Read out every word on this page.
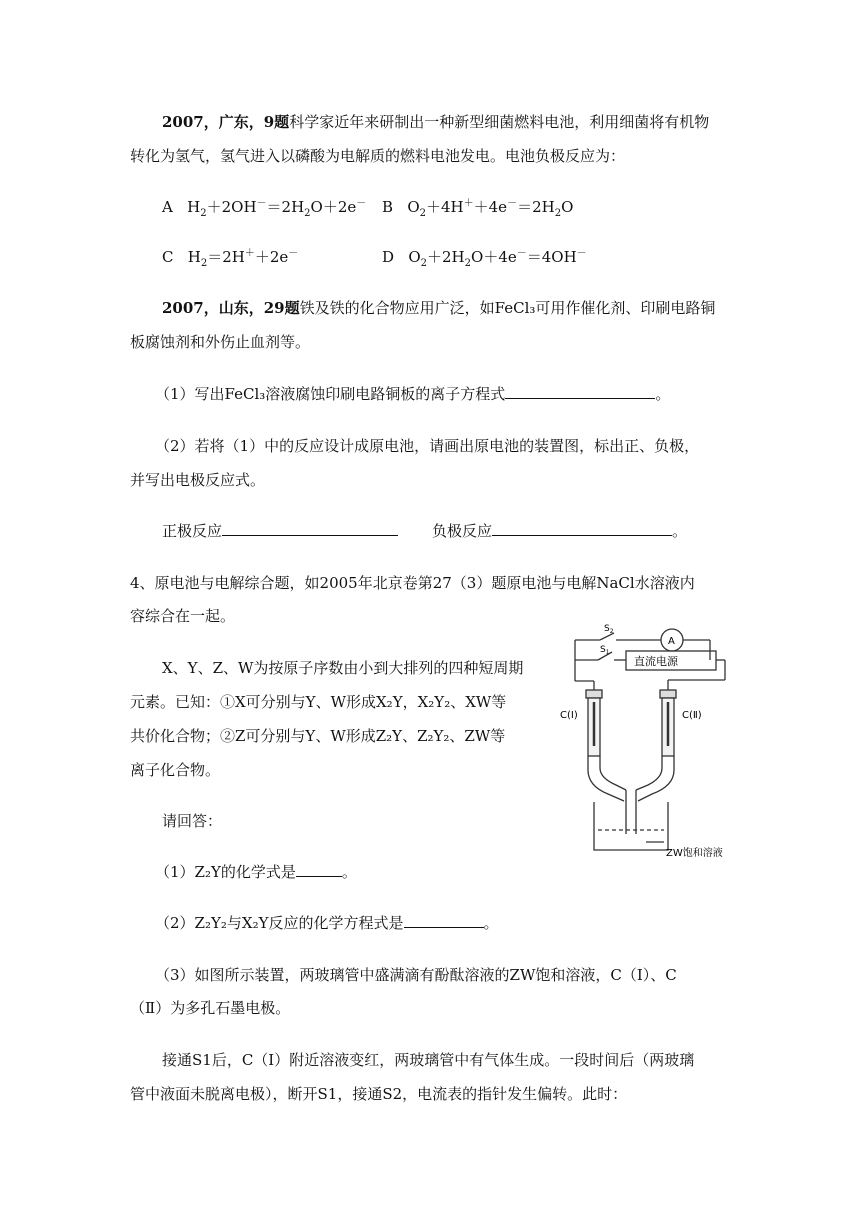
2007，广东，9题科学家近年来研制出一种新型细菌燃料电池，利用细菌将有机物
转化为氢气，氢气进入以磷酸为电解质的燃料电池发电。电池负极反应为：
A   $H_2+2OH^-=2H_2O+2e^-$ B   $O_2+4H^++4e^-=2H_2O$
C   $H_2=2H^++2e^-$	D   $O_2+2H_2O+4e^-=4OH^-$
2007，山东，29题铁及铁的化合物应用广泛，如FeCl₃可用作催化剂、印刷电路铜
板腐蚀剂和外伤止血剂等。
（1）写出FeCl₃溶液腐蚀印刷电路铜板的离子方程式	。
（2）若将（1）中的反应设计成原电池，请画出原电池的装置图，标出正、负极，
并写出电极反应式。
正极反应	负极反应	。
4、原电池与电解综合题，如2005年北京卷第27（3）题原电池与电解NaCl水溶液内
容综合在一起。
X、Y、Z、W为按原子序数由小到大排列的四种短周期
元素。已知：①X可分别与Y、W形成X₂Y，X₂Y₂、XW等
共价化合物；②Z可分别与Y、W形成Z₂Y、Z₂Y₂、ZW等
离子化合物。
请回答：
（1）Z₂Y的化学式是	。
（2）Z₂Y₂与X₂Y反应的化学方程式是	。
（3）如图所示装置，两玻璃管中盛满滴有酚酞溶液的ZW饱和溶液，C（Ⅰ）、C
（Ⅱ）为多孔石墨电极。
接通S1后，C（Ⅰ）附近溶液变红，两玻璃管中有气体生成。一段时间后（两玻璃
管中液面未脱离电极），断开S1，接通S2，电流表的指针发生偏转。此时：
$S_2$
$S_1$
A
直流电源
C(Ⅰ)	C(Ⅱ)
ZW饱和溶液
